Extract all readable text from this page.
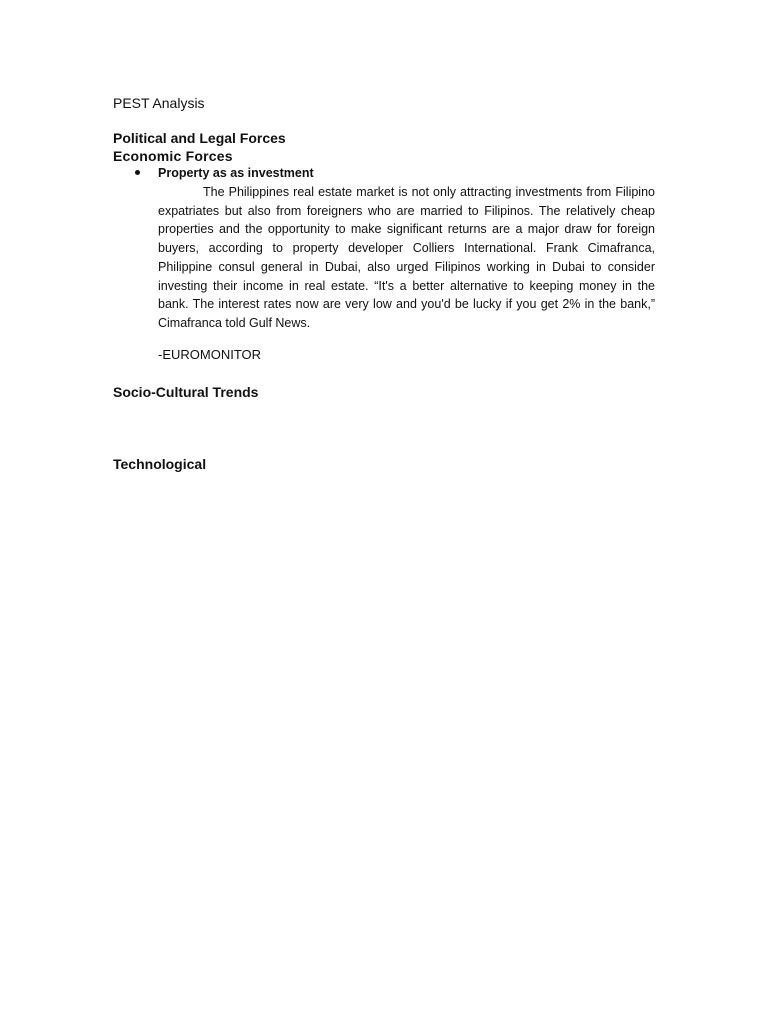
PEST Analysis
Political and Legal Forces
Economic Forces
Property as as investment

The Philippines real estate market is not only attracting investments from Filipino expatriates but also from foreigners who are married to Filipinos. The relatively cheap properties and the opportunity to make significant returns are a major draw for foreign buyers, according to property developer Colliers International. Frank Cimafranca, Philippine consul general in Dubai, also urged Filipinos working in Dubai to consider investing their income in real estate. “It's a better alternative to keeping money in the bank. The interest rates now are very low and you'd be lucky if you get 2% in the bank,” Cimafranca told Gulf News.

-EUROMONITOR
Socio-Cultural Trends
Technological
